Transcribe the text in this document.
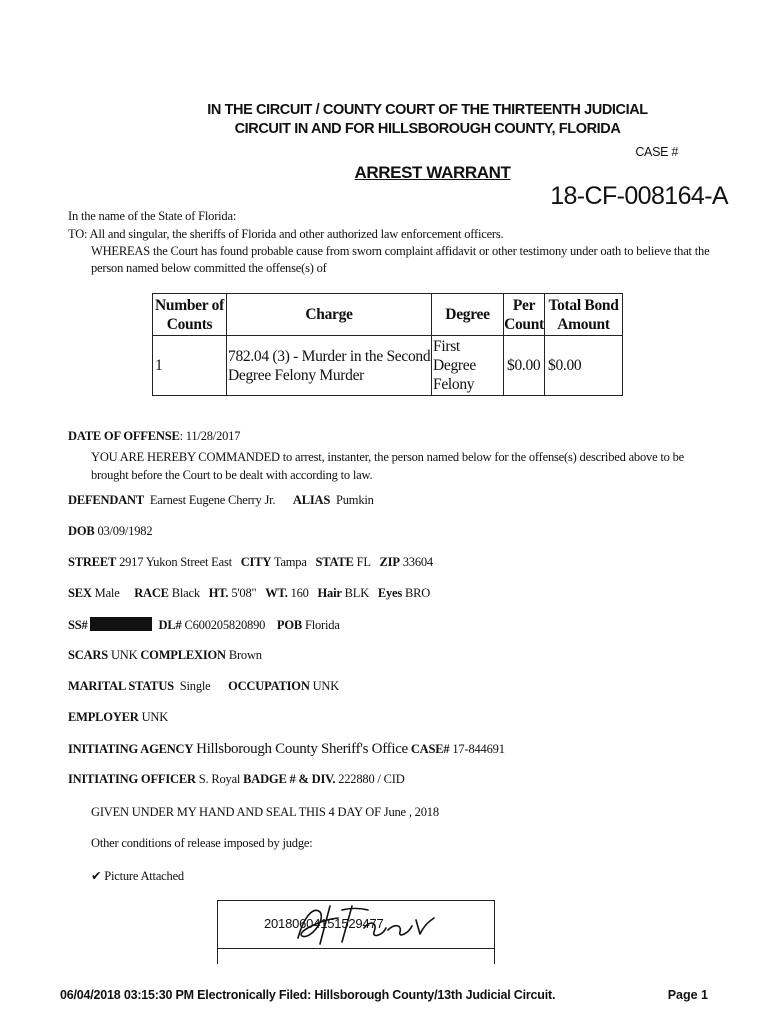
IN THE CIRCUIT / COUNTY COURT OF THE THIRTEENTH JUDICIAL
CIRCUIT IN AND FOR HILLSBOROUGH COUNTY, FLORIDA
CASE #
ARREST WARRANT
18-CF-008164-A
In the name of the State of Florida:
TO: All and singular, the sheriffs of Florida and other authorized law enforcement officers.
WHEREAS the Court has found probable cause from sworn complaint affidavit or other testimony under oath to believe that the
person named below committed the offense(s) of
Number of Counts	Charge	Degree	Per Count	Total Bond Amount
1	782.04 (3) - Murder in the Second Degree Felony Murder	First Degree Felony	$0.00	$0.00
DATE OF OFFENSE: 11/28/2017
YOU ARE HEREBY COMMANDED to arrest, instanter, the person named below for the offense(s) described above to be
brought before the Court to be dealt with according to law.
DEFENDANT Earnest Eugene Cherry Jr. ALIAS Pumkin
DOB 03/09/1982
STREET 2917 Yukon Street East CITY Tampa STATE FL ZIP 33604
SEX Male RACE Black HT. 5'08" WT. 160 Hair BLK Eyes BRO
SS#	DL# C600205820890 POB Florida
SCARS UNK COMPLEXION Brown
MARITAL STATUS Single OCCUPATION UNK
EMPLOYER UNK
INITIATING AGENCY Hillsborough County Sheriff's Office CASE# 17-844691
INITIATING OFFICER S. Royal BADGE # & DIV. 222880 / CID
GIVEN UNDER MY HAND AND SEAL THIS 4 DAY OF June , 2018
Other conditions of release imposed by judge:
✔ Picture Attached
20180604151529477
06/04/2018 03:15:30 PM Electronically Filed: Hillsborough County/13th Judicial Circuit.	Page 1
